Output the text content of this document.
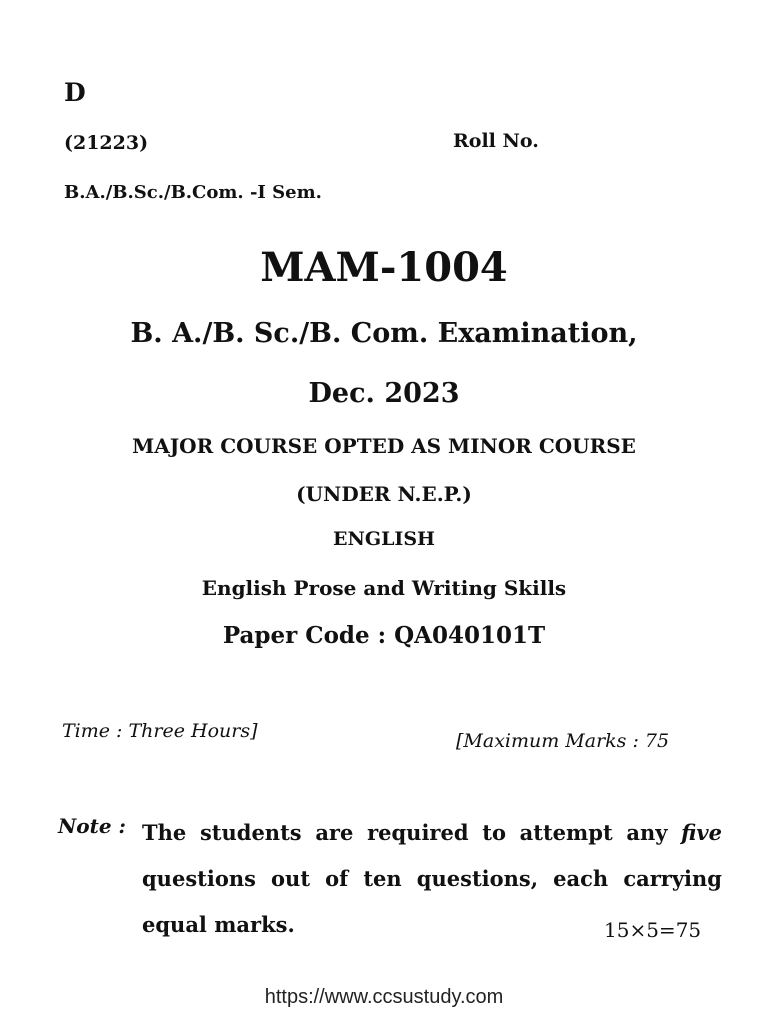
D
(21223)	Roll No.
B.A./B.Sc./B.Com. -I Sem.
MAM-1004
B. A./B. Sc./B. Com. Examination,
Dec. 2023
MAJOR COURSE OPTED AS MINOR COURSE
(UNDER N.E.P.)
ENGLISH
English Prose and Writing Skills
Paper Code : QA040101T
Time : Three Hours]	[Maximum Marks : 75
Note : The students are required to attempt any five questions out of ten questions, each carrying equal marks.	15×5=75
https://www.ccsustudy.com
